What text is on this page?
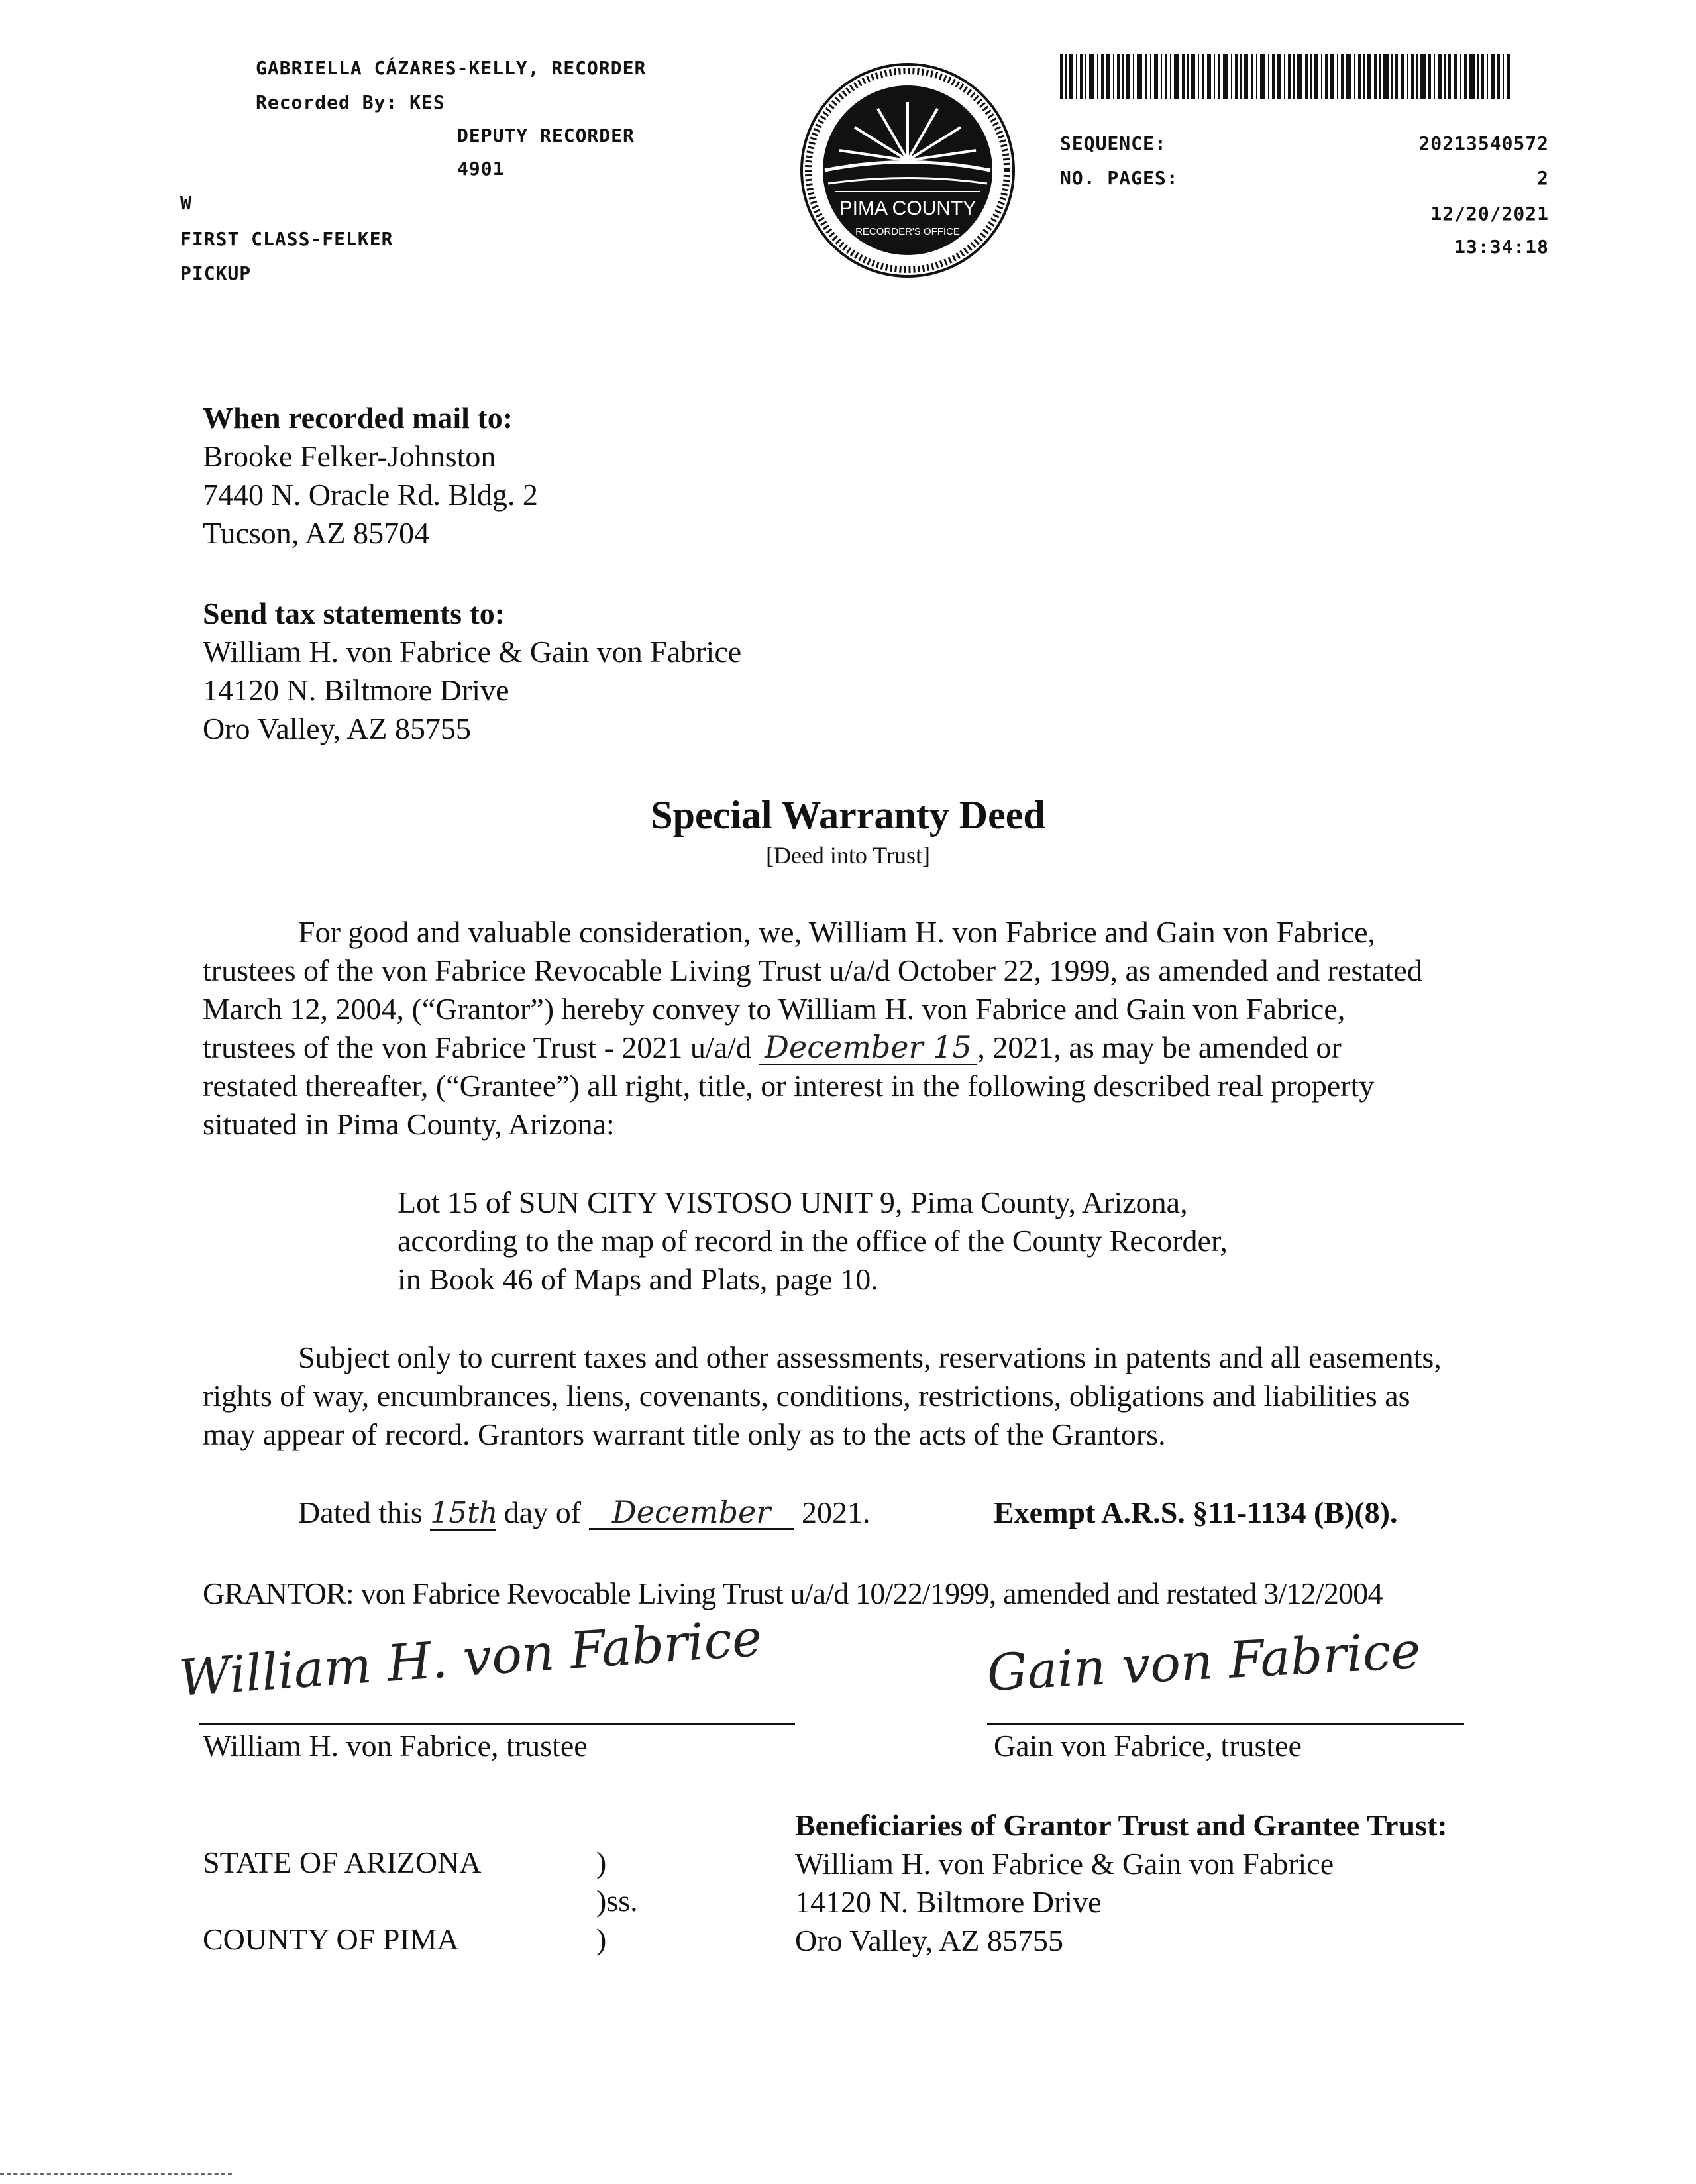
GABRIELLA CÁZARES-KELLY, RECORDER
Recorded By: KES
DEPUTY RECORDER
4901
W
FIRST CLASS-FELKER
PICKUP
PIMA COUNTY
RECORDER'S OFFICE
SEQUENCE:	20213540572
NO. PAGES:	2
12/20/2021
13:34:18
When recorded mail to:
Brooke Felker-Johnston
7440 N. Oracle Rd. Bldg. 2
Tucson, AZ 85704
Send tax statements to:
William H. von Fabrice & Gain von Fabrice
14120 N. Biltmore Drive
Oro Valley, AZ 85755
Special Warranty Deed
[Deed into Trust]
For good and valuable consideration, we, William H. von Fabrice and Gain von Fabrice,
trustees of the von Fabrice Revocable Living Trust u/a/d October 22, 1999, as amended and restated
March 12, 2004, (“Grantor”) hereby convey to William H. von Fabrice and Gain von Fabrice,
trustees of the von Fabrice Trust - 2021 u/a/d December 15 , 2021, as may be amended or
restated thereafter, (“Grantee”) all right, title, or interest in the following described real property
situated in Pima County, Arizona:
Lot 15 of SUN CITY VISTOSO UNIT 9, Pima County, Arizona,
according to the map of record in the office of the County Recorder,
in Book 46 of Maps and Plats, page 10.
Subject only to current taxes and other assessments, reservations in patents and all easements,
rights of way, encumbrances, liens, covenants, conditions, restrictions, obligations and liabilities as
may appear of record. Grantors warrant title only as to the acts of the Grantors.
Dated this 15th day of December 2021.	Exempt A.R.S. §11-1134 (B)(8).
GRANTOR: von Fabrice Revocable Living Trust u/a/d 10/22/1999, amended and restated 3/12/2004
William H. von Fabrice
William H. von Fabrice, trustee
Gain von Fabrice
Gain von Fabrice, trustee
STATE OF ARIZONA	)
)ss.
COUNTY OF PIMA	)
Beneficiaries of Grantor Trust and Grantee Trust:
William H. von Fabrice & Gain von Fabrice
14120 N. Biltmore Drive
Oro Valley, AZ 85755
